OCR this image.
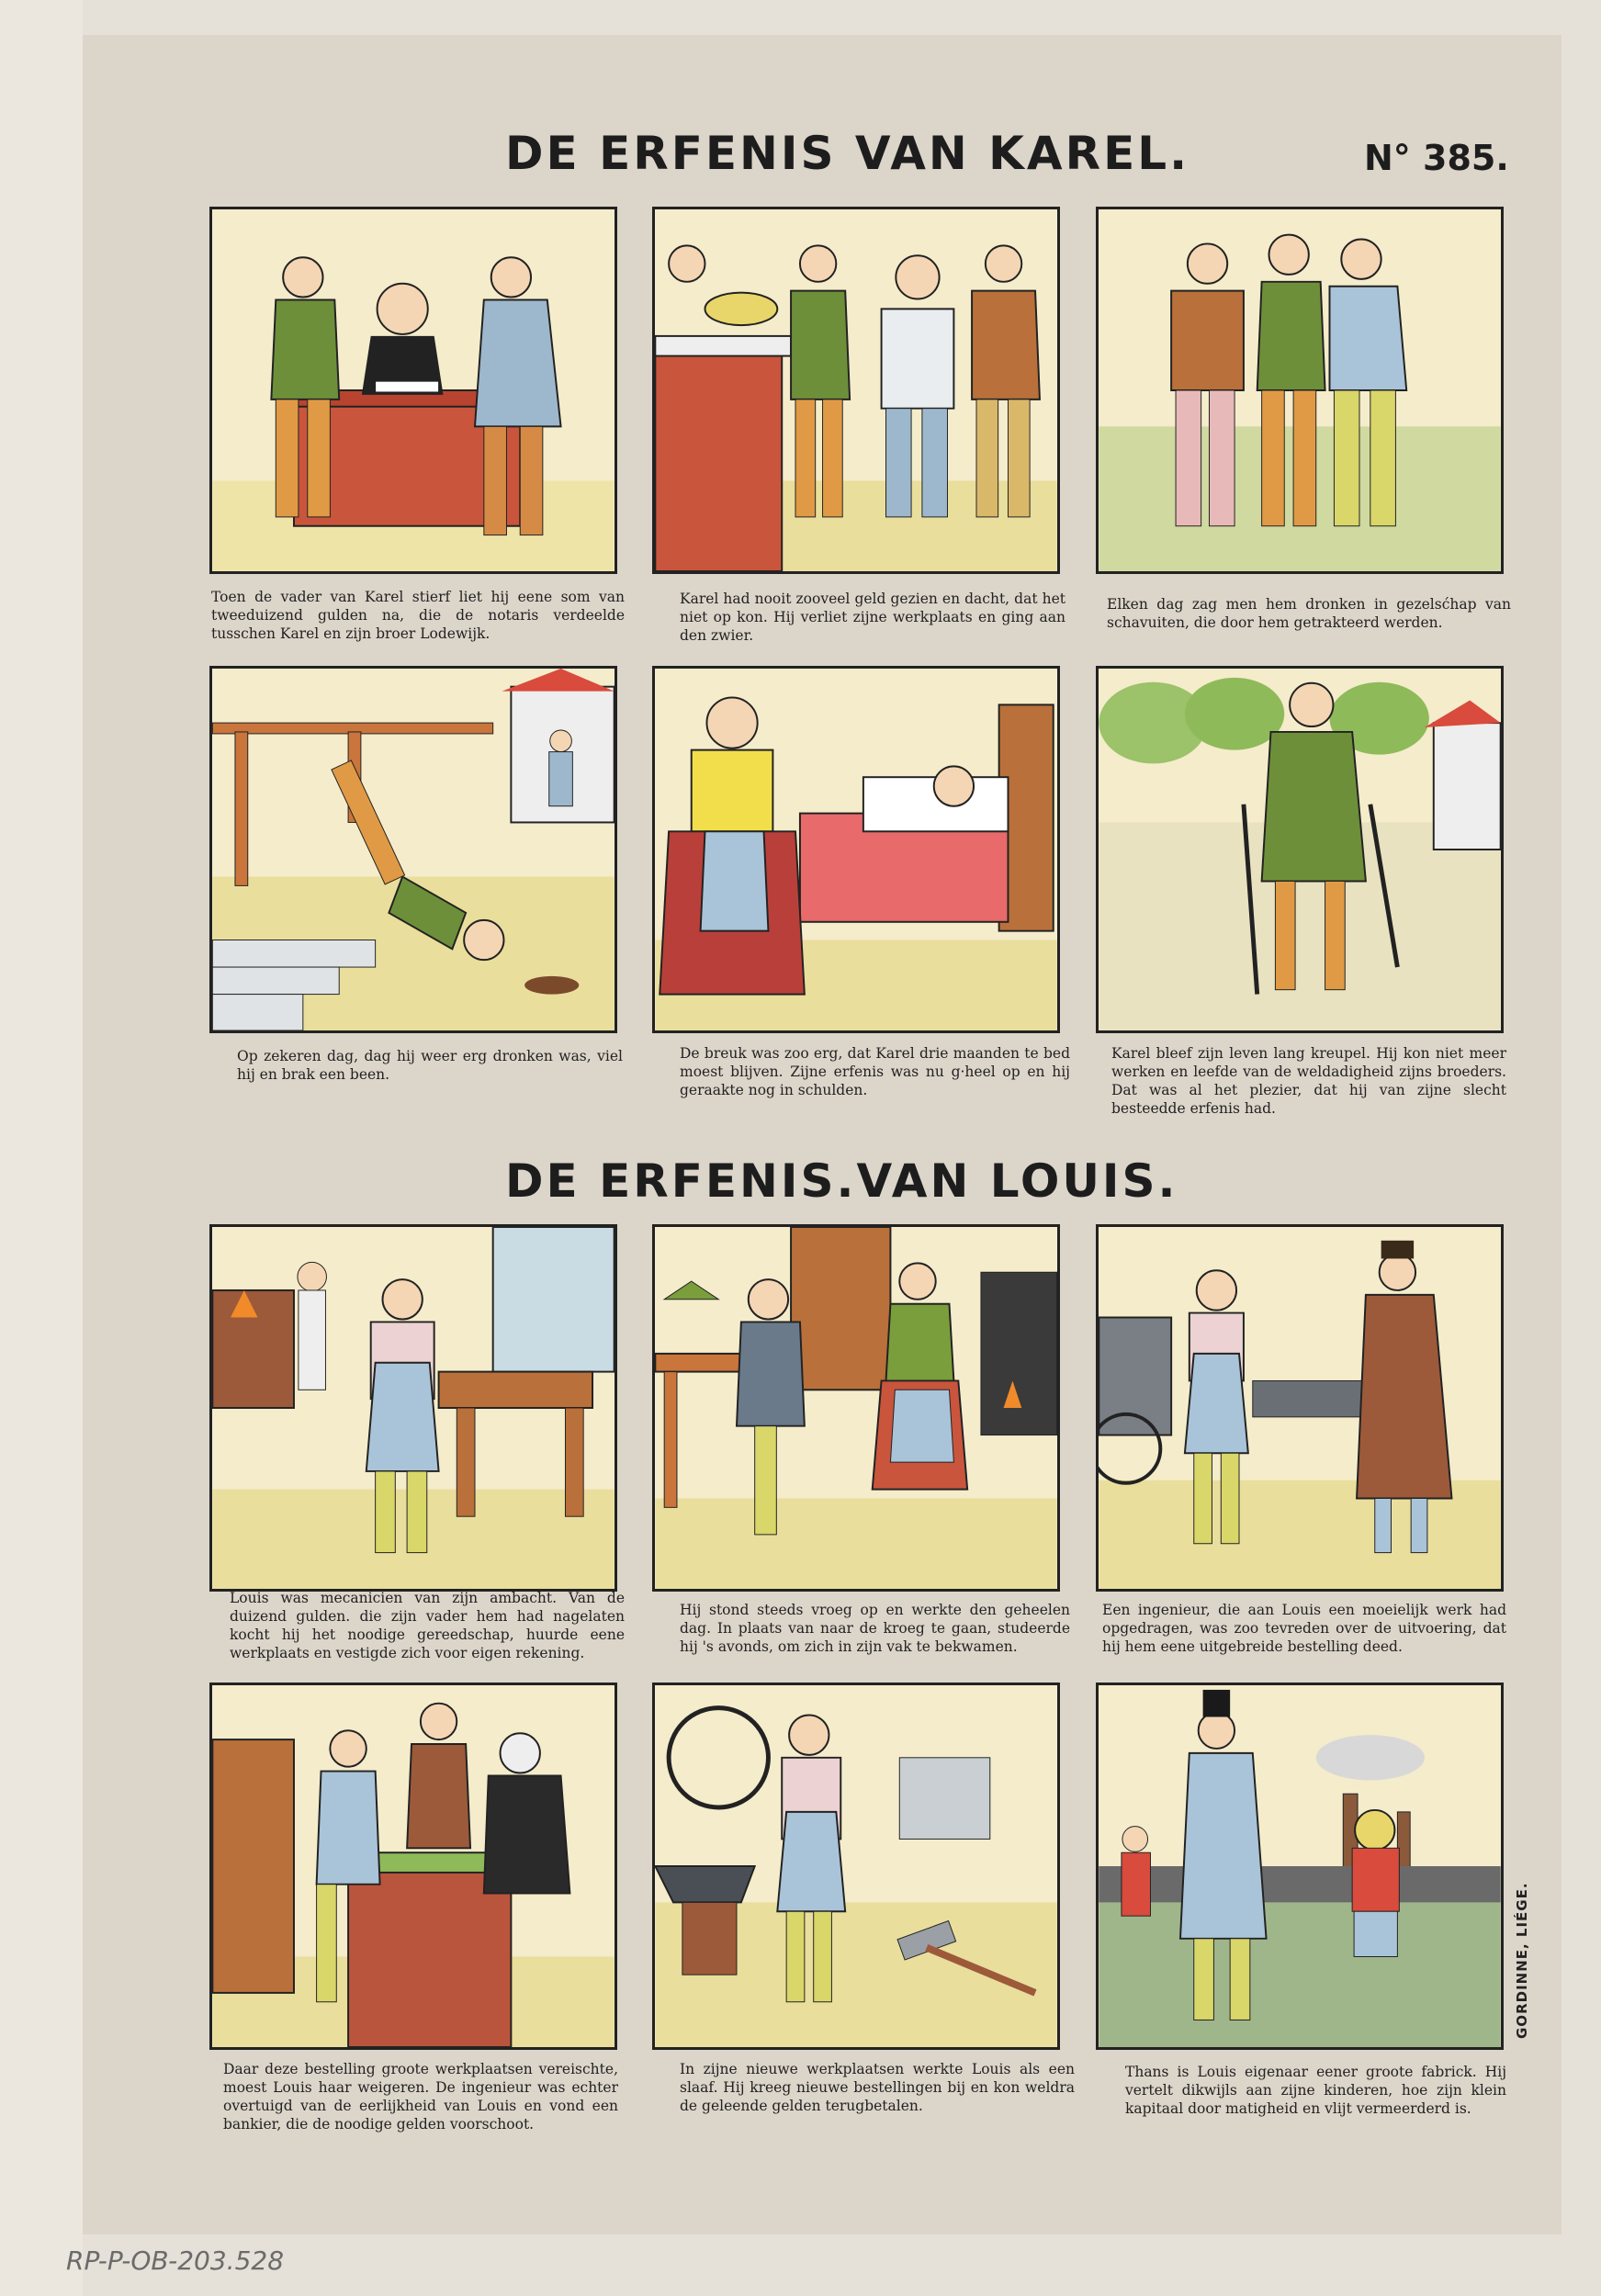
DE ERFENIS VAN KAREL.	N° 385.
Toen de vader van Karel stierf liet hij eene som van tweeduizend gulden na, die de notaris verdeelde tusschen Karel en zijn broer Lodewijk.
Karel had nooit zooveel geld gezien en dacht, dat het niet op kon. Hij verliet zijne werkplaats en ging aan den zwier.
Elken dag zag men hem dronken in gezelsćhap van schavuiten, die door hem getrakteerd werden.
Op zekeren dag, dag hij weer erg dronken was, viel hij en brak een been.
De breuk was zoo erg, dat Karel drie maanden te bed moest blijven. Zijne erfenis was nu g·heel op en hij geraakte nog in schulden.
Karel bleef zijn leven lang kreupel. Hij kon niet meer werken en leefde van de weldadigheid zijns broeders. Dat was al het plezier, dat hij van zijne slecht besteedde erfenis had.
DE ERFENIS.VAN LOUIS.
Louis was mecanicien van zijn ambacht. Van de duizend gulden. die zijn vader hem had nagelaten kocht hij het noodige gereedschap, huurde eene werkplaats en vestigde zich voor eigen rekening.
Hij stond steeds vroeg op en werkte den geheelen dag. In plaats van naar de kroeg te gaan, studeerde hij 's avonds, om zich in zijn vak te bekwamen.
Een ingenieur, die aan Louis een moeielijk werk had opgedragen, was zoo tevreden over de uitvoering, dat hij hem eene uitgebreide bestelling deed.
Daar deze bestelling groote werkplaatsen vereischte, moest Louis haar weigeren. De ingenieur was echter overtuigd van de eerlijkheid van Louis en vond een bankier, die de noodige gelden voorschoot.
In zijne nieuwe werkplaatsen werkte Louis als een slaaf. Hij kreeg nieuwe bestellingen bij en kon weldra de geleende gelden terugbetalen.
Thans is Louis eigenaar eener groote fabrick. Hij vertelt dikwijls aan zijne kinderen, hoe zijn klein kapitaal door matigheid en vlijt vermeerderd is.
GORDINNE, LIÉGE.
RP-P-OB-203.528
